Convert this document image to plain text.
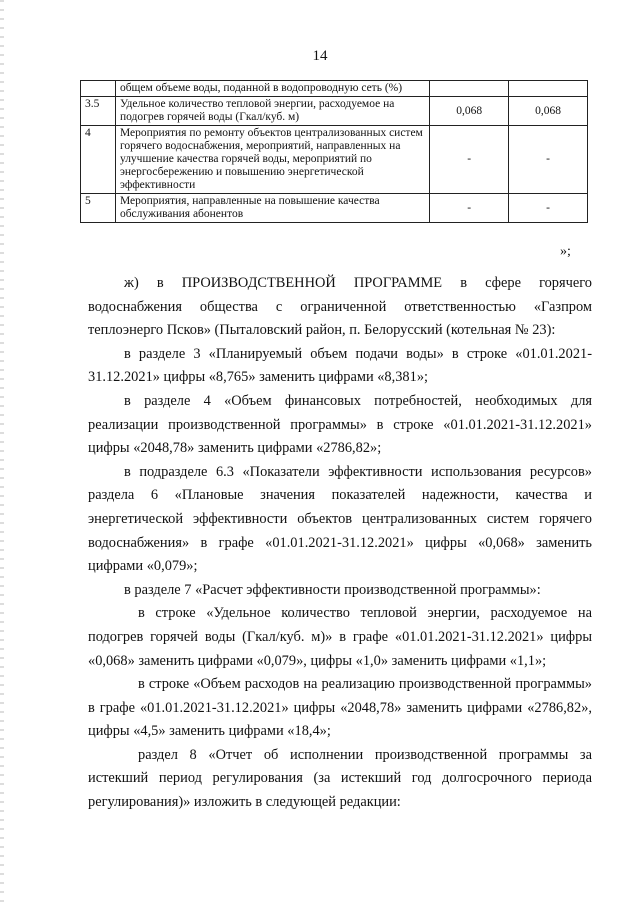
14
	общем объеме воды, поданной в водопроводную сеть (%)		
3.5	Удельное количество тепловой энергии, расходуемое на подогрев горячей воды (Гкал/куб. м)	0,068	0,068
4	Мероприятия по ремонту объектов централизованных систем горячего водоснабжения, мероприятий, направленных на улучшение качества горячей воды, мероприятий по энергосбережению и повышению энергетической эффективности	-	-
5	Мероприятия, направленные на повышение качества обслуживания абонентов	-	-
»;

ж) в ПРОИЗВОДСТВЕННОЙ ПРОГРАММЕ в сфере горячего водоснабжения общества с ограниченной ответственностью «Газпром теплоэнерго Псков» (Пыталовский район, п. Белорусский (котельная № 23):

в разделе 3 «Планируемый объем подачи воды» в строке «01.01.2021-31.12.2021» цифры «8,765» заменить цифрами «8,381»;

в разделе 4 «Объем финансовых потребностей, необходимых для реализации производственной программы» в строке «01.01.2021-31.12.2021» цифры «2048,78» заменить цифрами «2786,82»;

в подразделе 6.3 «Показатели эффективности использования ресурсов» раздела 6 «Плановые значения показателей надежности, качества и энергетической эффективности объектов централизованных систем горячего водоснабжения» в графе «01.01.2021-31.12.2021» цифры «0,068» заменить цифрами «0,079»;

в разделе 7 «Расчет эффективности производственной программы»:

в строке «Удельное количество тепловой энергии, расходуемое на подогрев горячей воды (Гкал/куб. м)» в графе «01.01.2021-31.12.2021» цифры «0,068» заменить цифрами «0,079», цифры «1,0» заменить цифрами «1,1»;

в строке «Объем расходов на реализацию производственной программы» в графе «01.01.2021-31.12.2021» цифры «2048,78» заменить цифрами «2786,82», цифры «4,5» заменить цифрами «18,4»;

раздел 8 «Отчет об исполнении производственной программы за истекший период регулирования (за истекший год долгосрочного периода регулирования)» изложить в следующей редакции:
